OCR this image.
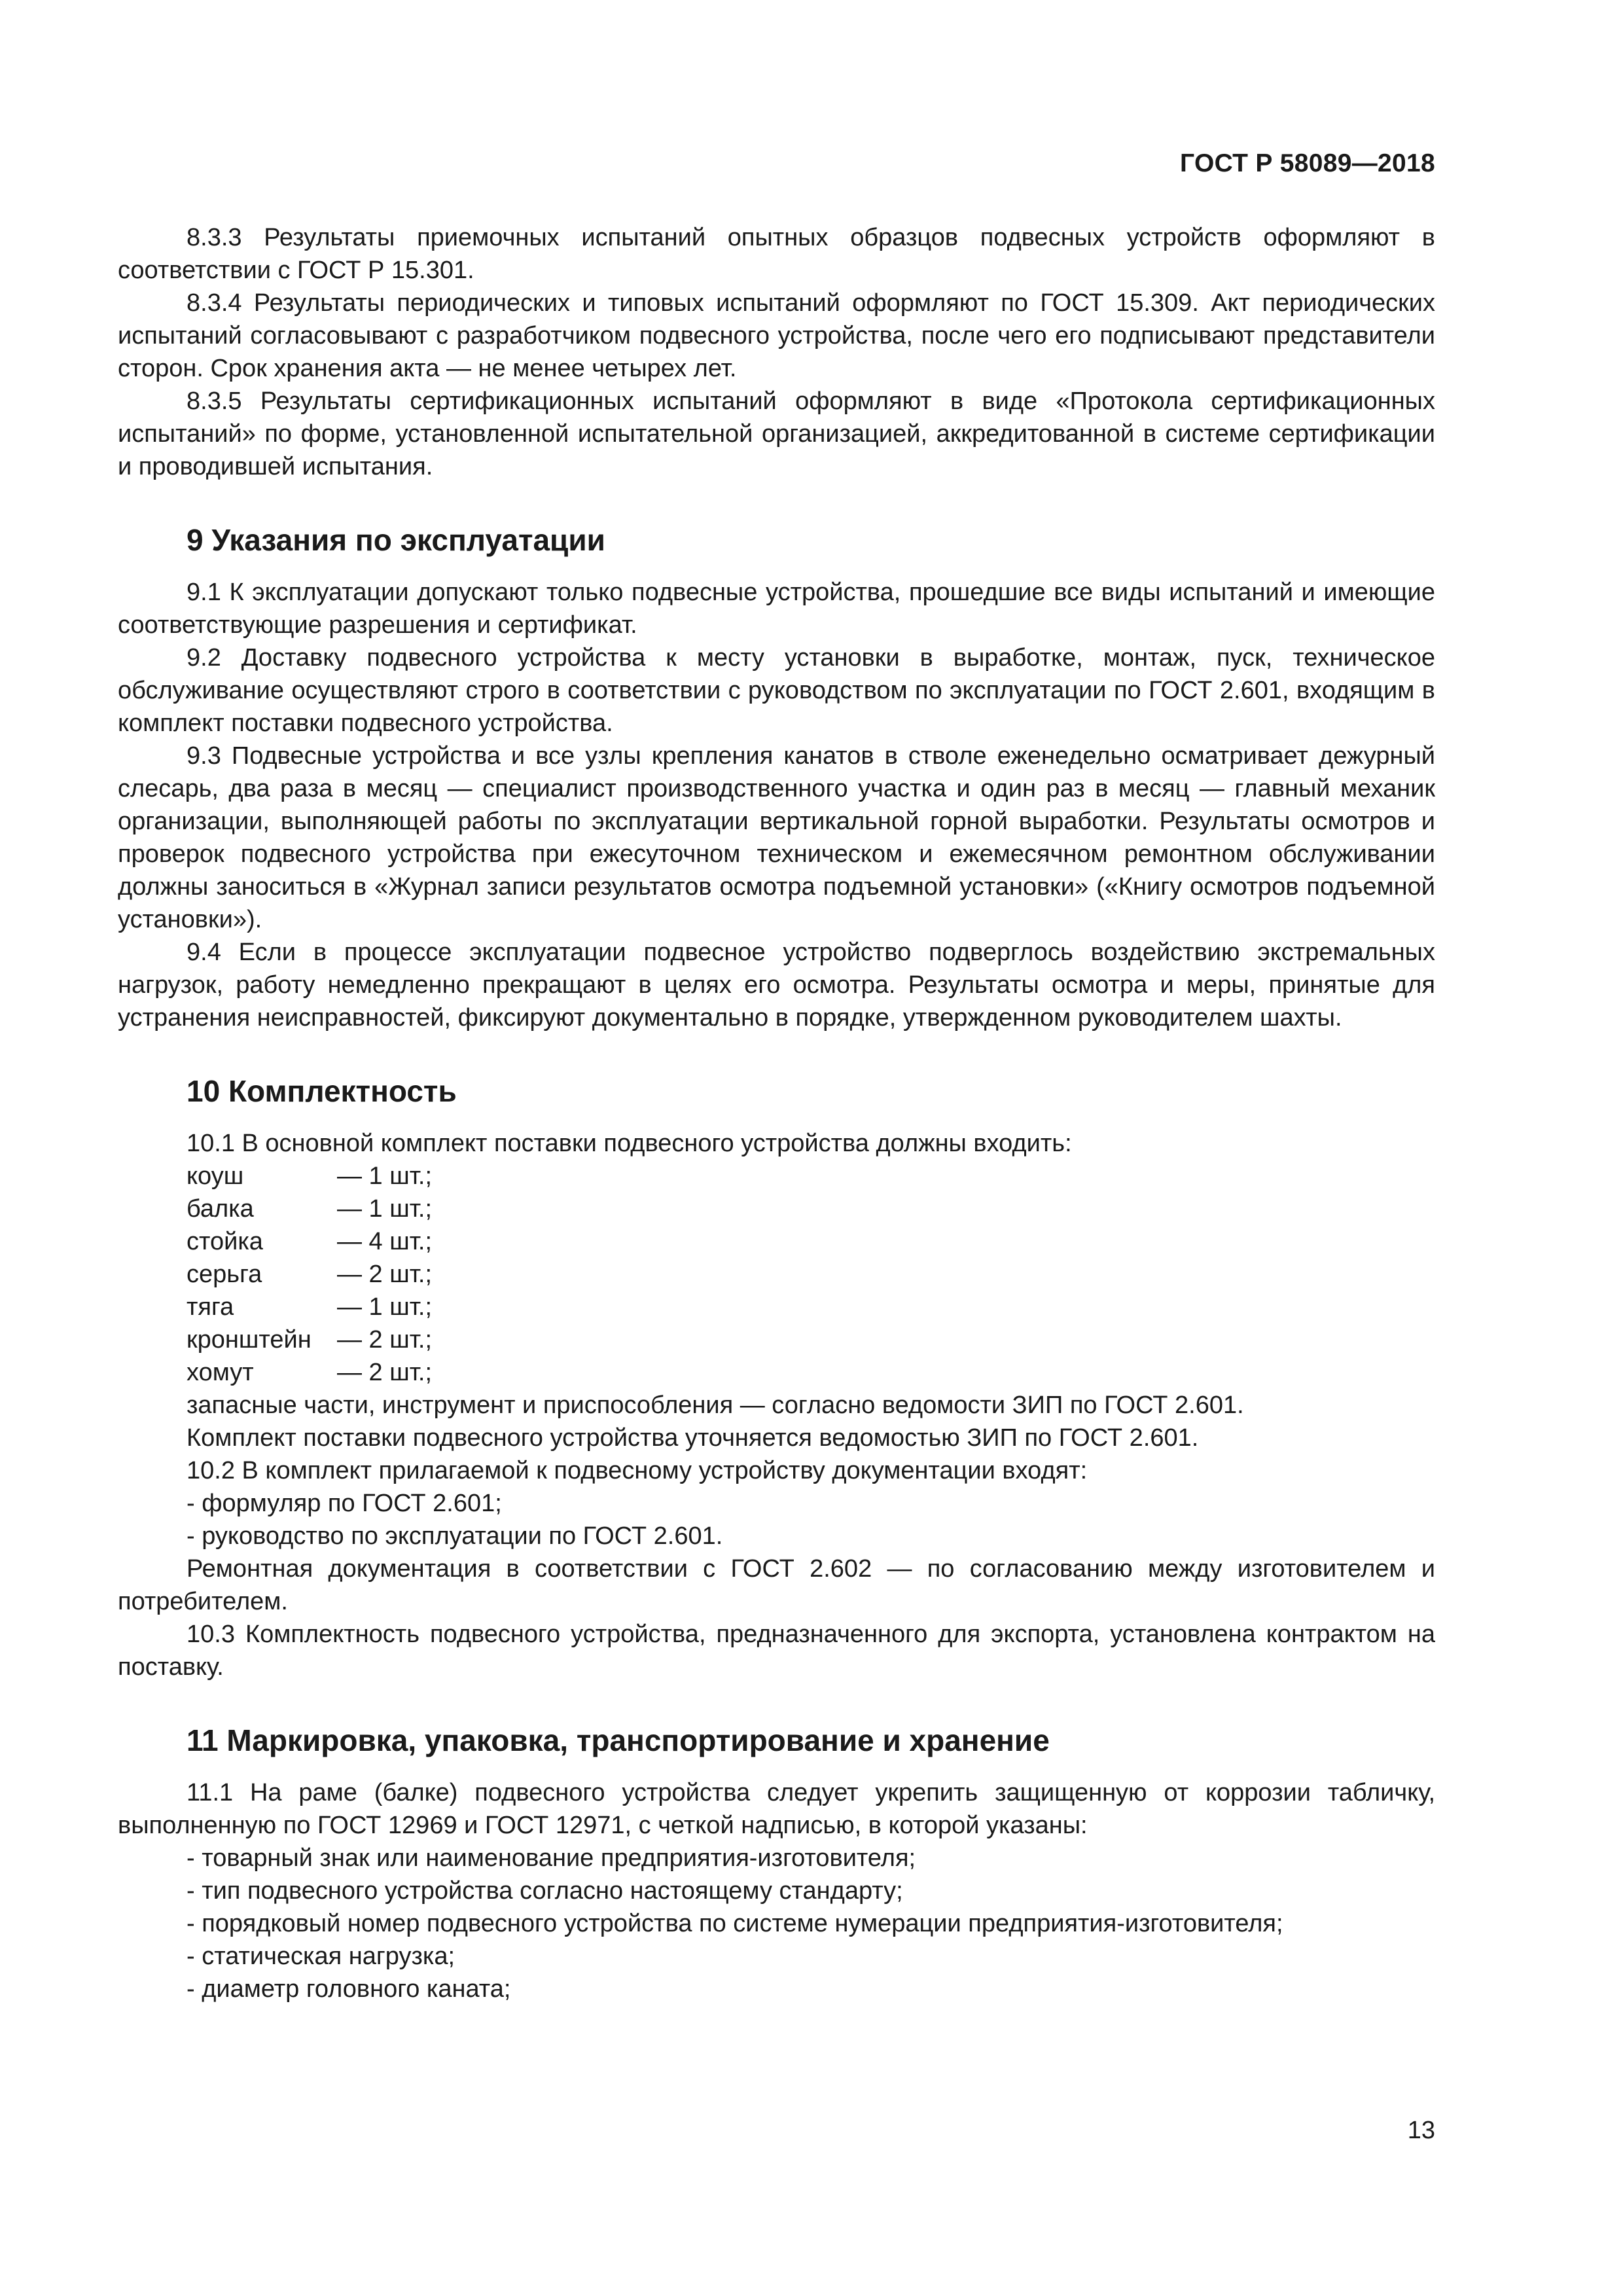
ГОСТ Р 58089—2018

8.3.3 Результаты приемочных испытаний опытных образцов подвесных устройств оформляют в соответствии с ГОСТ Р 15.301.

8.3.4 Результаты периодических и типовых испытаний оформляют по ГОСТ 15.309. Акт периодических испытаний согласовывают с разработчиком подвесного устройства, после чего его подписывают представители сторон. Срок хранения акта — не менее четырех лет.

8.3.5 Результаты сертификационных испытаний оформляют в виде «Протокола сертификационных испытаний» по форме, установленной испытательной организацией, аккредитованной в системе сертификации и проводившей испытания.

9 Указания по эксплуатации

9.1 К эксплуатации допускают только подвесные устройства, прошедшие все виды испытаний и имеющие соответствующие разрешения и сертификат.

9.2 Доставку подвесного устройства к месту установки в выработке, монтаж, пуск, техническое обслуживание осуществляют строго в соответствии с руководством по эксплуатации по ГОСТ 2.601, входящим в комплект поставки подвесного устройства.

9.3 Подвесные устройства и все узлы крепления канатов в стволе еженедельно осматривает дежурный слесарь, два раза в месяц — специалист производственного участка и один раз в месяц — главный механик организации, выполняющей работы по эксплуатации вертикальной горной выработки. Результаты осмотров и проверок подвесного устройства при ежесуточном техническом и ежемесячном ремонтном обслуживании должны заноситься в «Журнал записи результатов осмотра подъемной установки» («Книгу осмотров подъемной установки»).

9.4 Если в процессе эксплуатации подвесное устройство подверглось воздействию экстремальных нагрузок, работу немедленно прекращают в целях его осмотра. Результаты осмотра и меры, принятые для устранения неисправностей, фиксируют документально в порядке, утвержденном руководителем шахты.

10 Комплектность

10.1 В основной комплект поставки подвесного устройства должны входить:

коуш	— 1 шт.;
балка	— 1 шт.;
стойка	— 4 шт.;
серьга	— 2 шт.;
тяга	— 1 шт.;
кронштейн	— 2 шт.;
хомут	— 2 шт.;

запасные части, инструмент и приспособления — согласно ведомости ЗИП по ГОСТ 2.601.

Комплект поставки подвесного устройства уточняется ведомостью ЗИП по ГОСТ 2.601.

10.2 В комплект прилагаемой к подвесному устройству документации входят:

- формуляр по ГОСТ 2.601;

- руководство по эксплуатации по ГОСТ 2.601.

Ремонтная документация в соответствии с ГОСТ 2.602 — по согласованию между изготовителем и потребителем.

10.3 Комплектность подвесного устройства, предназначенного для экспорта, установлена контрактом на поставку.

11 Маркировка, упаковка, транспортирование и хранение

11.1 На раме (балке) подвесного устройства следует укрепить защищенную от коррозии табличку, выполненную по ГОСТ 12969 и ГОСТ 12971, с четкой надписью, в которой указаны:

- товарный знак или наименование предприятия-изготовителя;

- тип подвесного устройства согласно настоящему стандарту;

- порядковый номер подвесного устройства по системе нумерации предприятия-изготовителя;

- статическая нагрузка;

- диаметр головного каната;

13
